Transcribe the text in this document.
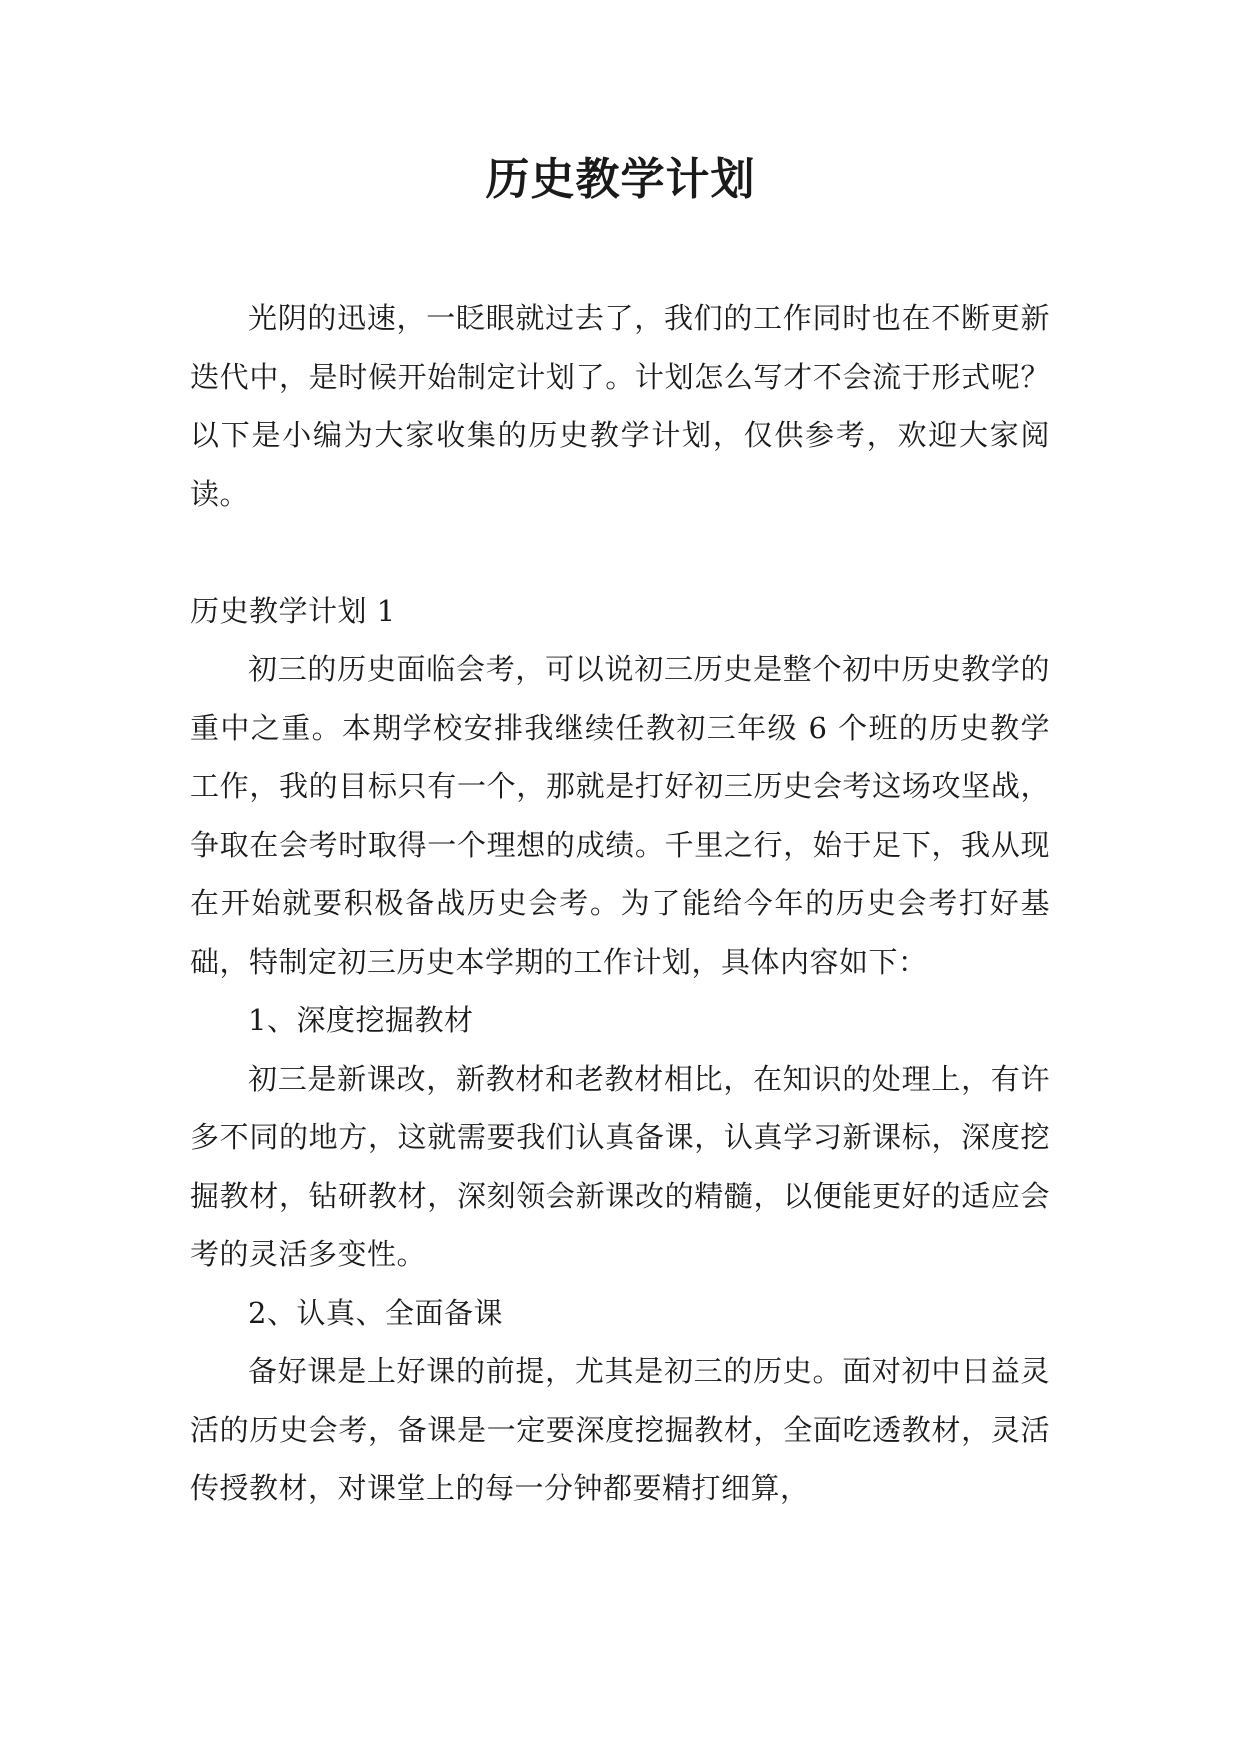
历史教学计划

光阴的迅速，一眨眼就过去了，我们的工作同时也在不断更新迭代中，是时候开始制定计划了。计划怎么写才不会流于形式呢？以下是小编为大家收集的历史教学计划，仅供参考，欢迎大家阅读。

历史教学计划 1

初三的历史面临会考，可以说初三历史是整个初中历史教学的重中之重。本期学校安排我继续任教初三年级 6 个班的历史教学工作，我的目标只有一个，那就是打好初三历史会考这场攻坚战，争取在会考时取得一个理想的成绩。千里之行，始于足下，我从现在开始就要积极备战历史会考。为了能给今年的历史会考打好基础，特制定初三历史本学期的工作计划，具体内容如下：

1、深度挖掘教材

初三是新课改，新教材和老教材相比，在知识的处理上，有许多不同的地方，这就需要我们认真备课，认真学习新课标，深度挖掘教材，钻研教材，深刻领会新课改的精髓，以便能更好的适应会考的灵活多变性。

2、认真、全面备课

备好课是上好课的前提，尤其是初三的历史。面对初中日益灵活的历史会考，备课是一定要深度挖掘教材，全面吃透教材，灵活传授教材，对课堂上的每一分钟都要精打细算，
